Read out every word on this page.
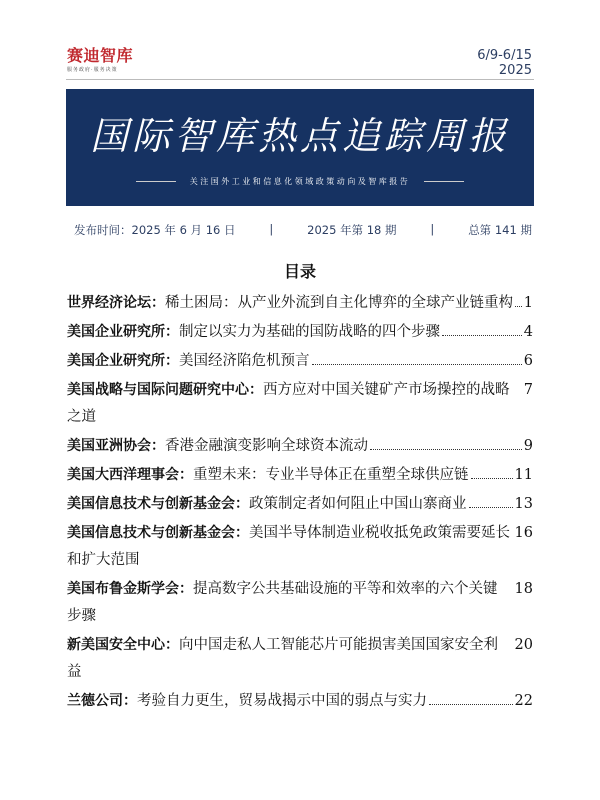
赛迪智库
服务政府·服务决策
6/9-6/15
2025
国际智库热点追踪周报
关注国外工业和信息化领域政策动向及智库报告
发布时间：2025 年 6 月 16 日	|	2025 年第 18 期	|	总第 141 期
目录
世界经济论坛：稀土困局：从产业外流到自主化博弈的全球产业链重构 1
美国企业研究所：制定以实力为基础的国防战略的四个步骤	4
美国企业研究所：美国经济陷危机预言	6
美国战略与国际问题研究中心：西方应对中国关键矿产市场操控的战略之道
7
美国亚洲协会：香港金融演变影响全球资本流动	9
美国大西洋理事会：重塑未来：专业半导体正在重塑全球供应链	11
美国信息技术与创新基金会：政策制定者如何阻止中国山寨商业	13
美国信息技术与创新基金会：美国半导体制造业税收抵免政策需要延长和扩大范围
16
美国布鲁金斯学会：提高数字公共基础设施的平等和效率的六个关键步骤
18
新美国安全中心：向中国走私人工智能芯片可能损害美国国家安全利益
20
兰德公司：考验自力更生，贸易战揭示中国的弱点与实力	22
